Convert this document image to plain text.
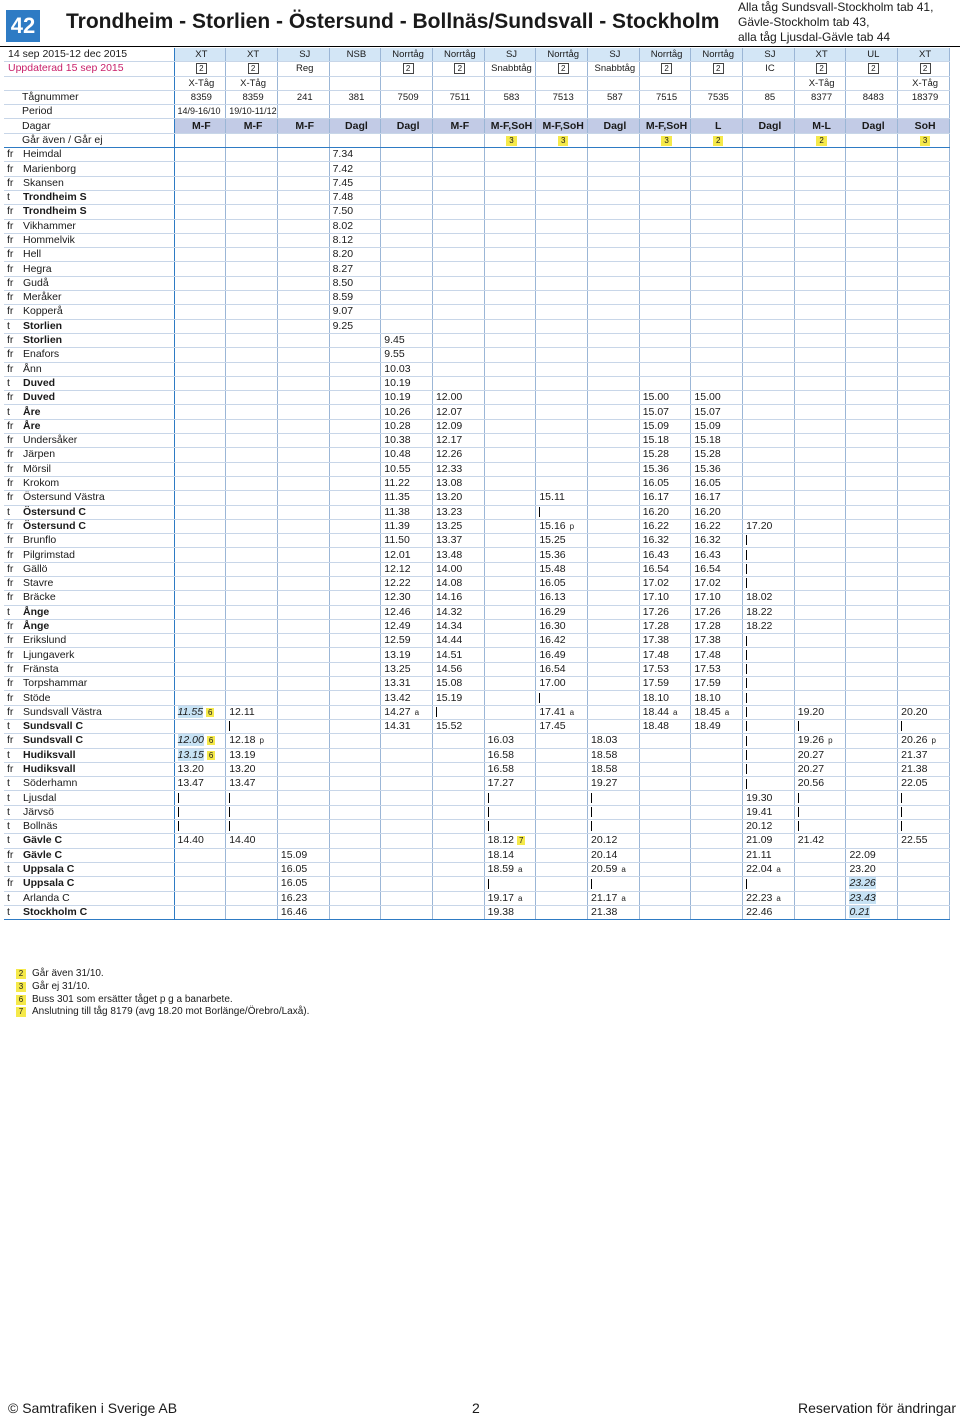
42 Trondheim - Storlien - Östersund - Bollnäs/Sundsvall - Stockholm
Alla tåg Sundsvall-Stockholm tab 41,
Gävle-Stockholm tab 43,
alla tåg Ljusdal-Gävle tab 44
14 sep 2015-12 dec 2015	XT	XT	SJ	NSB	Norrtåg	Norrtåg	SJ	Norrtåg	SJ	Norrtåg	Norrtåg	SJ	XT	UL	XT
Uppdaterad 15 sep 2015	2	2	Reg		2	2	Snabbtåg	2	Snabbtåg	2	2	IC	2	2	2
	X-Tåg	X-Tåg											X-Tåg		X-Tåg
Tågnummer	8359	8359	241	381	7509	7511	583	7513	587	7515	7535	85	8377	8483	18379
Period	14/9-16/10	19/10-11/12													
Dagar	M-F	M-F	M-F	Dagl	Dagl	M-F	M-F,SoH	M-F,SoH	Dagl	M-F,SoH	L	Dagl	M-L	Dagl	SoH
Går även / Går ej							3	3		3	2		2		3
fr Heimdal				7.34											
fr Marienborg				7.42											
fr Skansen				7.45											
t Trondheim S				7.48											
fr Trondheim S				7.50											
fr Vikhammer				8.02											
fr Hommelvik				8.12											
fr Hell				8.20											
fr Hegra				8.27											
fr Gudå				8.50											
fr Meråker				8.59											
fr Kopperå				9.07											
t Storlien				9.25											
fr Storlien					9.45										
fr Enafors					9.55										
fr Ånn					10.03										
t Duved					10.19										
fr Duved					10.19	12.00				15.00	15.00				
t Åre					10.26	12.07				15.07	15.07				
fr Åre					10.28	12.09				15.09	15.09				
fr Undersåker					10.38	12.17				15.18	15.18				
fr Järpen					10.48	12.26				15.28	15.28				
fr Mörsil					10.55	12.33				15.36	15.36				
fr Krokom					11.22	13.08				16.05	16.05				
fr Östersund Västra					11.35	13.20		15.11		16.17	16.17				
t Östersund C					11.38	13.23				16.20	16.20				
fr Östersund C					11.39	13.25		15.16 p		16.22	16.22	17.20			
fr Brunflo					11.50	13.37		15.25		16.32	16.32				
fr Pilgrimstad					12.01	13.48		15.36		16.43	16.43				
fr Gällö					12.12	14.00		15.48		16.54	16.54				
fr Stavre					12.22	14.08		16.05		17.02	17.02				
fr Bräcke					12.30	14.16		16.13		17.10	17.10	18.02			
t Ånge					12.46	14.32		16.29		17.26	17.26	18.22			
fr Ånge					12.49	14.34		16.30		17.28	17.28	18.22			
fr Erikslund					12.59	14.44		16.42		17.38	17.38				
fr Ljungaverk					13.19	14.51		16.49		17.48	17.48				
fr Fränsta					13.25	14.56		16.54		17.53	17.53				
fr Torpshammar					13.31	15.08		17.00		17.59	17.59				
fr Stöde					13.42	15.19				18.10	18.10				
fr Sundsvall Västra	11.55 6	12.11			14.27 a			17.41 a		18.44 a	18.45 a		19.20		20.20
t Sundsvall C					14.31	15.52		17.45		18.48	18.49				
fr Sundsvall C	12.00 6	12.18 p					16.03		18.03				19.26 p		20.26 p
t Hudiksvall	13.15 6	13.19					16.58		18.58				20.27		21.37
fr Hudiksvall	13.20	13.20					16.58		18.58				20.27		21.38
t Söderhamn	13.47	13.47					17.27		19.27				20.56		22.05
t Ljusdal												19.30			
t Järvsö												19.41			
t Bollnäs												20.12			
t Gävle C	14.40	14.40					18.12 7		20.12			21.09	21.42		22.55
fr Gävle C			15.09				18.14		20.14			21.11		22.09	
t Uppsala C			16.05				18.59 a		20.59 a			22.04 a		23.20	
fr Uppsala C			16.05											23.26	
t Arlanda C			16.23				19.17 a		21.17 a			22.23 a		23.43	
t Stockholm C			16.46				19.38		21.38			22.46		0.21	
2 Går även 31/10.
3 Går ej 31/10.
6 Buss 301 som ersätter tåget p g a banarbete.
7 Anslutning till tåg 8179 (avg 18.20 mot Borlänge/Örebro/Laxå).
© Samtrafiken i Sverige AB	2	Reservation för ändringar
